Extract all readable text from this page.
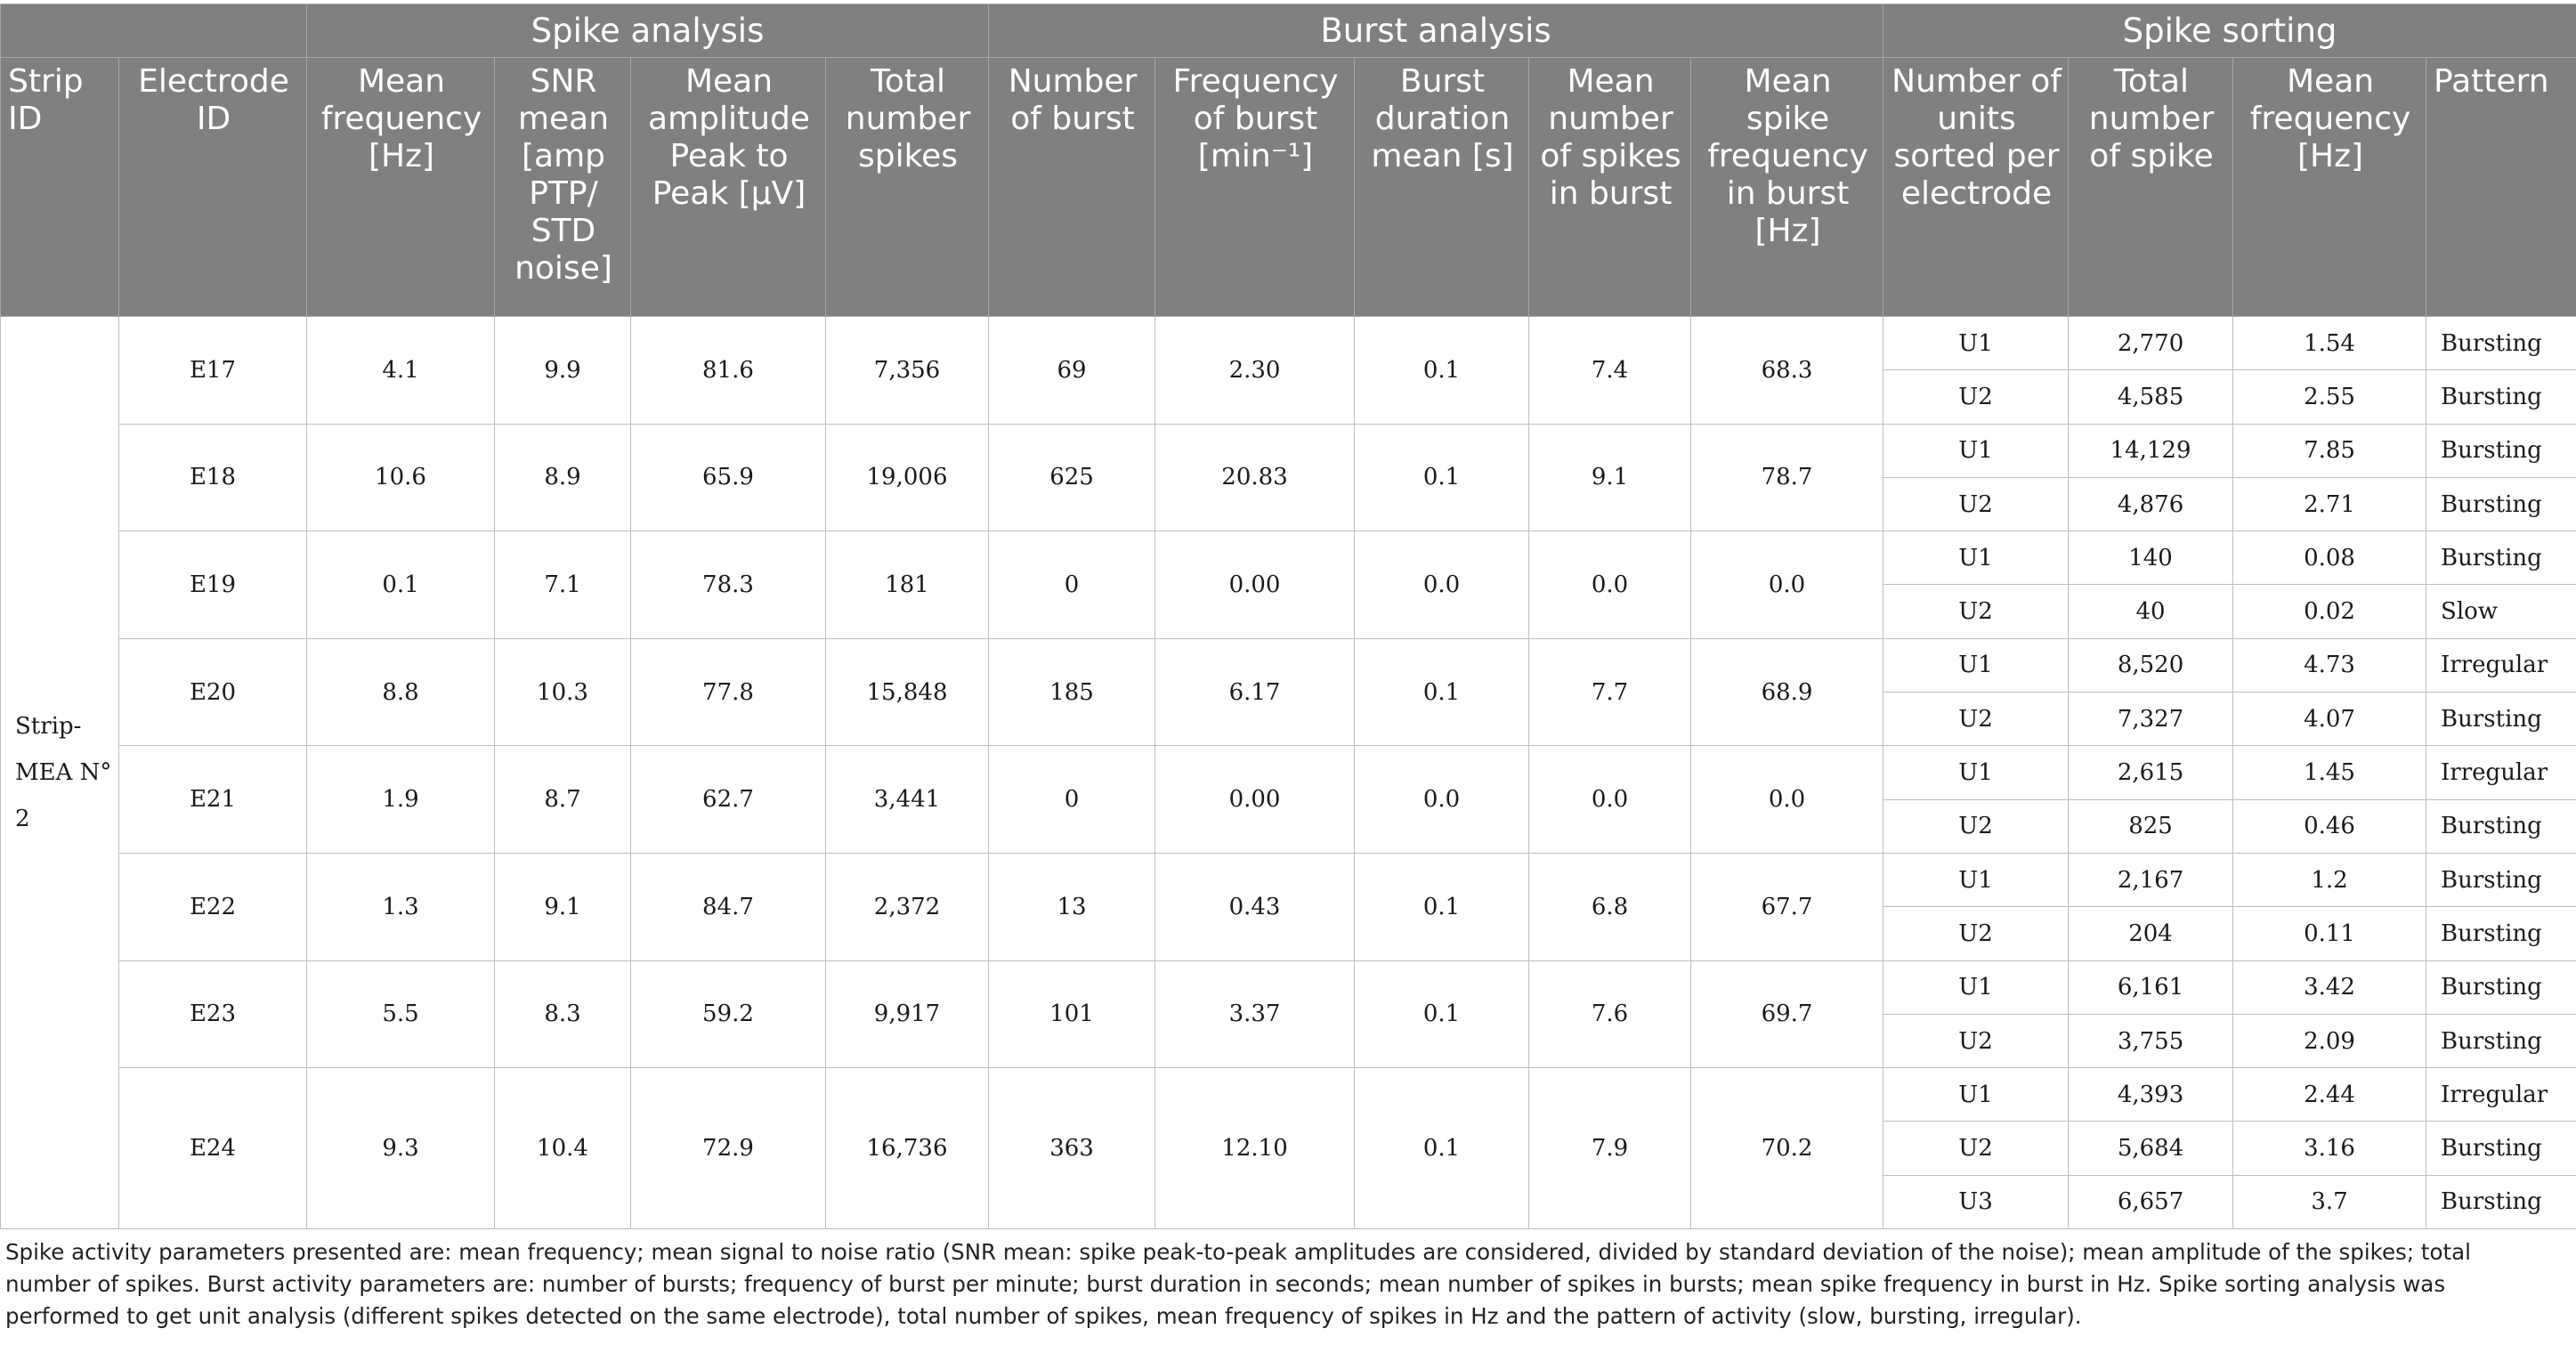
		Spike analysis				Burst analysis					Spike sorting			
Strip ID	Electrode ID	Mean frequency [Hz]	SNR mean [amp PTP/ STD noise]	Mean amplitude Peak to Peak [µV]	Total number spikes	Number of burst	Frequency of burst [min⁻¹]	Burst duration mean [s]	Mean number of spikes in burst	Mean spike frequency in burst [Hz]	Number of units sorted per electrode	Total number of spike	Mean frequency [Hz]	Pattern
Strip-MEA N° 2	E17	4.1	9.9	81.6	7,356	69	2.30	0.1	7.4	68.3	U1	2,770	1.54	Bursting
											U2	4,585	2.55	Bursting
	E18	10.6	8.9	65.9	19,006	625	20.83	0.1	9.1	78.7	U1	14,129	7.85	Bursting
											U2	4,876	2.71	Bursting
	E19	0.1	7.1	78.3	181	0	0.00	0.0	0.0	0.0	U1	140	0.08	Bursting
											U2	40	0.02	Slow
	E20	8.8	10.3	77.8	15,848	185	6.17	0.1	7.7	68.9	U1	8,520	4.73	Irregular
											U2	7,327	4.07	Bursting
	E21	1.9	8.7	62.7	3,441	0	0.00	0.0	0.0	0.0	U1	2,615	1.45	Irregular
											U2	825	0.46	Bursting
	E22	1.3	9.1	84.7	2,372	13	0.43	0.1	6.8	67.7	U1	2,167	1.2	Bursting
											U2	204	0.11	Bursting
	E23	5.5	8.3	59.2	9,917	101	3.37	0.1	7.6	69.7	U1	6,161	3.42	Bursting
											U2	3,755	2.09	Bursting
	E24	9.3	10.4	72.9	16,736	363	12.10	0.1	7.9	70.2	U1	4,393	2.44	Irregular
											U2	5,684	3.16	Bursting
											U3	6,657	3.7	Bursting
Spike activity parameters presented are: mean frequency; mean signal to noise ratio (SNR mean: spike peak-to-peak amplitudes are considered, divided by standard deviation of the noise); mean amplitude of the spikes; total number of spikes. Burst activity parameters are: number of bursts; frequency of burst per minute; burst duration in seconds; mean number of spikes in bursts; mean spike frequency in burst in Hz. Spike sorting analysis was performed to get unit analysis (different spikes detected on the same electrode), total number of spikes, mean frequency of spikes in Hz and the pattern of activity (slow, bursting, irregular).
